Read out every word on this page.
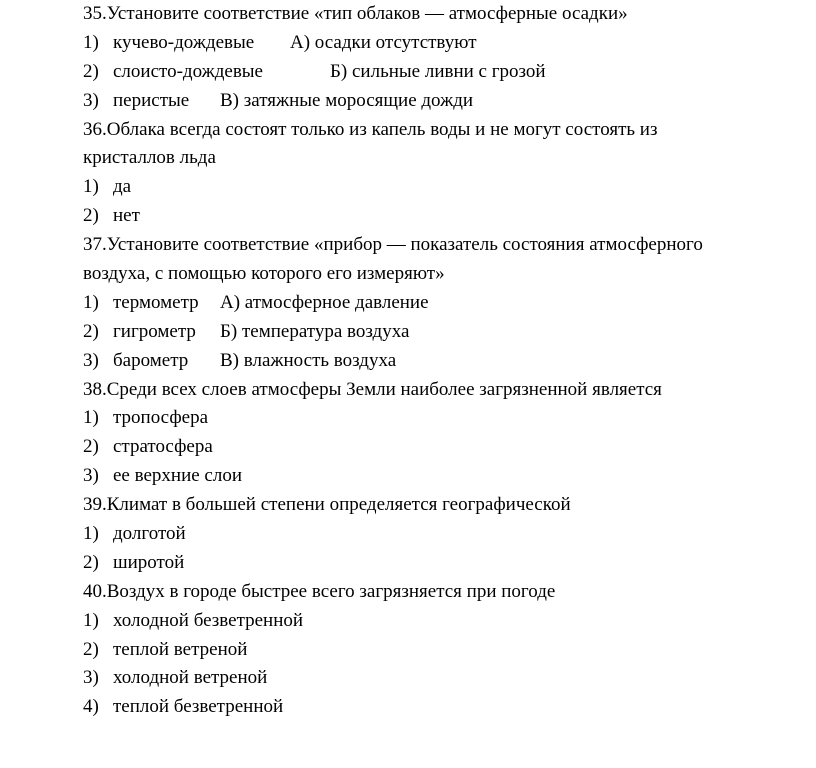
35.Установите соответствие «тип облаков — атмосферные осадки»
1) кучево-дождевые А) осадки отсутствуют
2) слоисто-дождевые	Б) сильные ливни с грозой
3) перистые В) затяжные моросящие дожди
36.Облака всегда состоят только из капель воды и не могут состоять из
кристаллов льда
1) да
2) нет
37.Установите соответствие «прибор — показатель состояния атмосферного
воздуха, с помощью которого его измеряют»
1) термометр А) атмосферное давление
2) гигрометр Б) температура воздуха
3) барометр В) влажность воздуха
38.Среди всех слоев атмосферы Земли наиболее загрязненной является
1) тропосфера
2) стратосфера
3) ее верхние слои
39.Климат в большей степени определяется географической
1) долготой
2) широтой
40.Воздух в городе быстрее всего загрязняется при погоде
1) холодной безветренной
2) теплой ветреной
3) холодной ветреной
4) теплой безветренной
